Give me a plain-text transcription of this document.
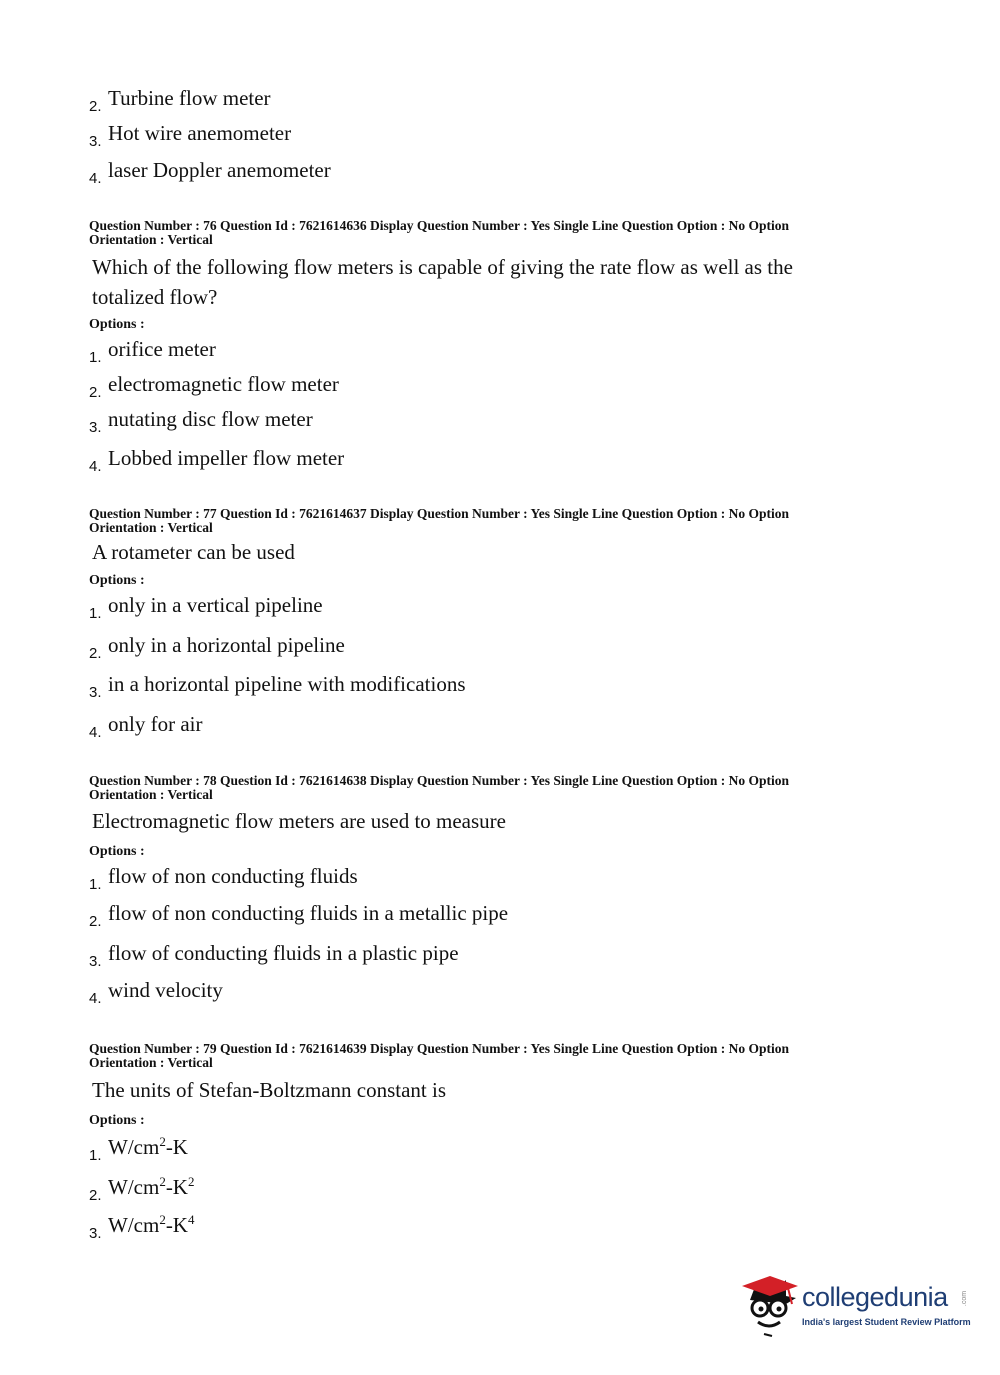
2. Turbine flow meter
3. Hot wire anemometer
4. laser Doppler anemometer
Question Number : 76 Question Id : 7621614636 Display Question Number : Yes Single Line Question Option : No Option
Orientation : Vertical
Which of the following flow meters is capable of giving the rate flow as well as the
totalized flow?
Options :
1. orifice meter
2. electromagnetic flow meter
3. nutating disc flow meter
4. Lobbed impeller flow meter
Question Number : 77 Question Id : 7621614637 Display Question Number : Yes Single Line Question Option : No Option
Orientation : Vertical
A rotameter can be used
Options :
1. only in a vertical pipeline
2. only in a horizontal pipeline
3. in a horizontal pipeline with modifications
4. only for air
Question Number : 78 Question Id : 7621614638 Display Question Number : Yes Single Line Question Option : No Option
Orientation : Vertical
Electromagnetic flow meters are used to measure
Options :
1. flow of non conducting fluids
2. flow of non conducting fluids in a metallic pipe
3. flow of conducting fluids in a plastic pipe
4. wind velocity
Question Number : 79 Question Id : 7621614639 Display Question Number : Yes Single Line Question Option : No Option
Orientation : Vertical
The units of Stefan-Boltzmann constant is
Options :
1. $W/cm^2-K$
2. $W/cm^2-K^2$
3. $W/cm^2-K^4$
collegedunia .com
India's largest Student Review Platform
